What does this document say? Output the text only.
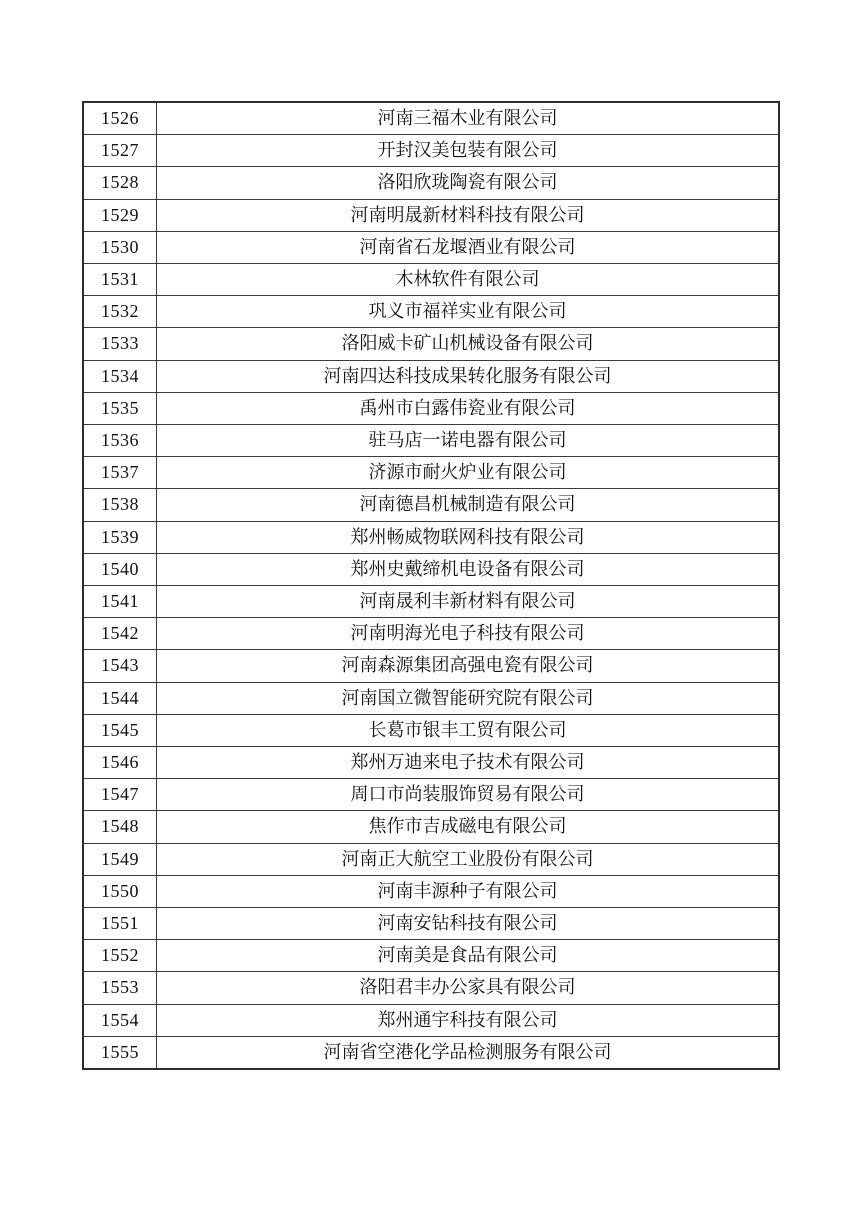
1526	河南三福木业有限公司
1527	开封汉美包装有限公司
1528	洛阳欣珑陶瓷有限公司
1529	河南明晟新材料科技有限公司
1530	河南省石龙堰酒业有限公司
1531	木林软件有限公司
1532	巩义市福祥实业有限公司
1533	洛阳威卡矿山机械设备有限公司
1534	河南四达科技成果转化服务有限公司
1535	禹州市白露伟瓷业有限公司
1536	驻马店一诺电器有限公司
1537	济源市耐火炉业有限公司
1538	河南德昌机械制造有限公司
1539	郑州畅威物联网科技有限公司
1540	郑州史戴缔机电设备有限公司
1541	河南晟利丰新材料有限公司
1542	河南明海光电子科技有限公司
1543	河南森源集团高强电瓷有限公司
1544	河南国立微智能研究院有限公司
1545	长葛市银丰工贸有限公司
1546	郑州万迪来电子技术有限公司
1547	周口市尚装服饰贸易有限公司
1548	焦作市吉成磁电有限公司
1549	河南正大航空工业股份有限公司
1550	河南丰源种子有限公司
1551	河南安钻科技有限公司
1552	河南美是食品有限公司
1553	洛阳君丰办公家具有限公司
1554	郑州通宇科技有限公司
1555	河南省空港化学品检测服务有限公司
